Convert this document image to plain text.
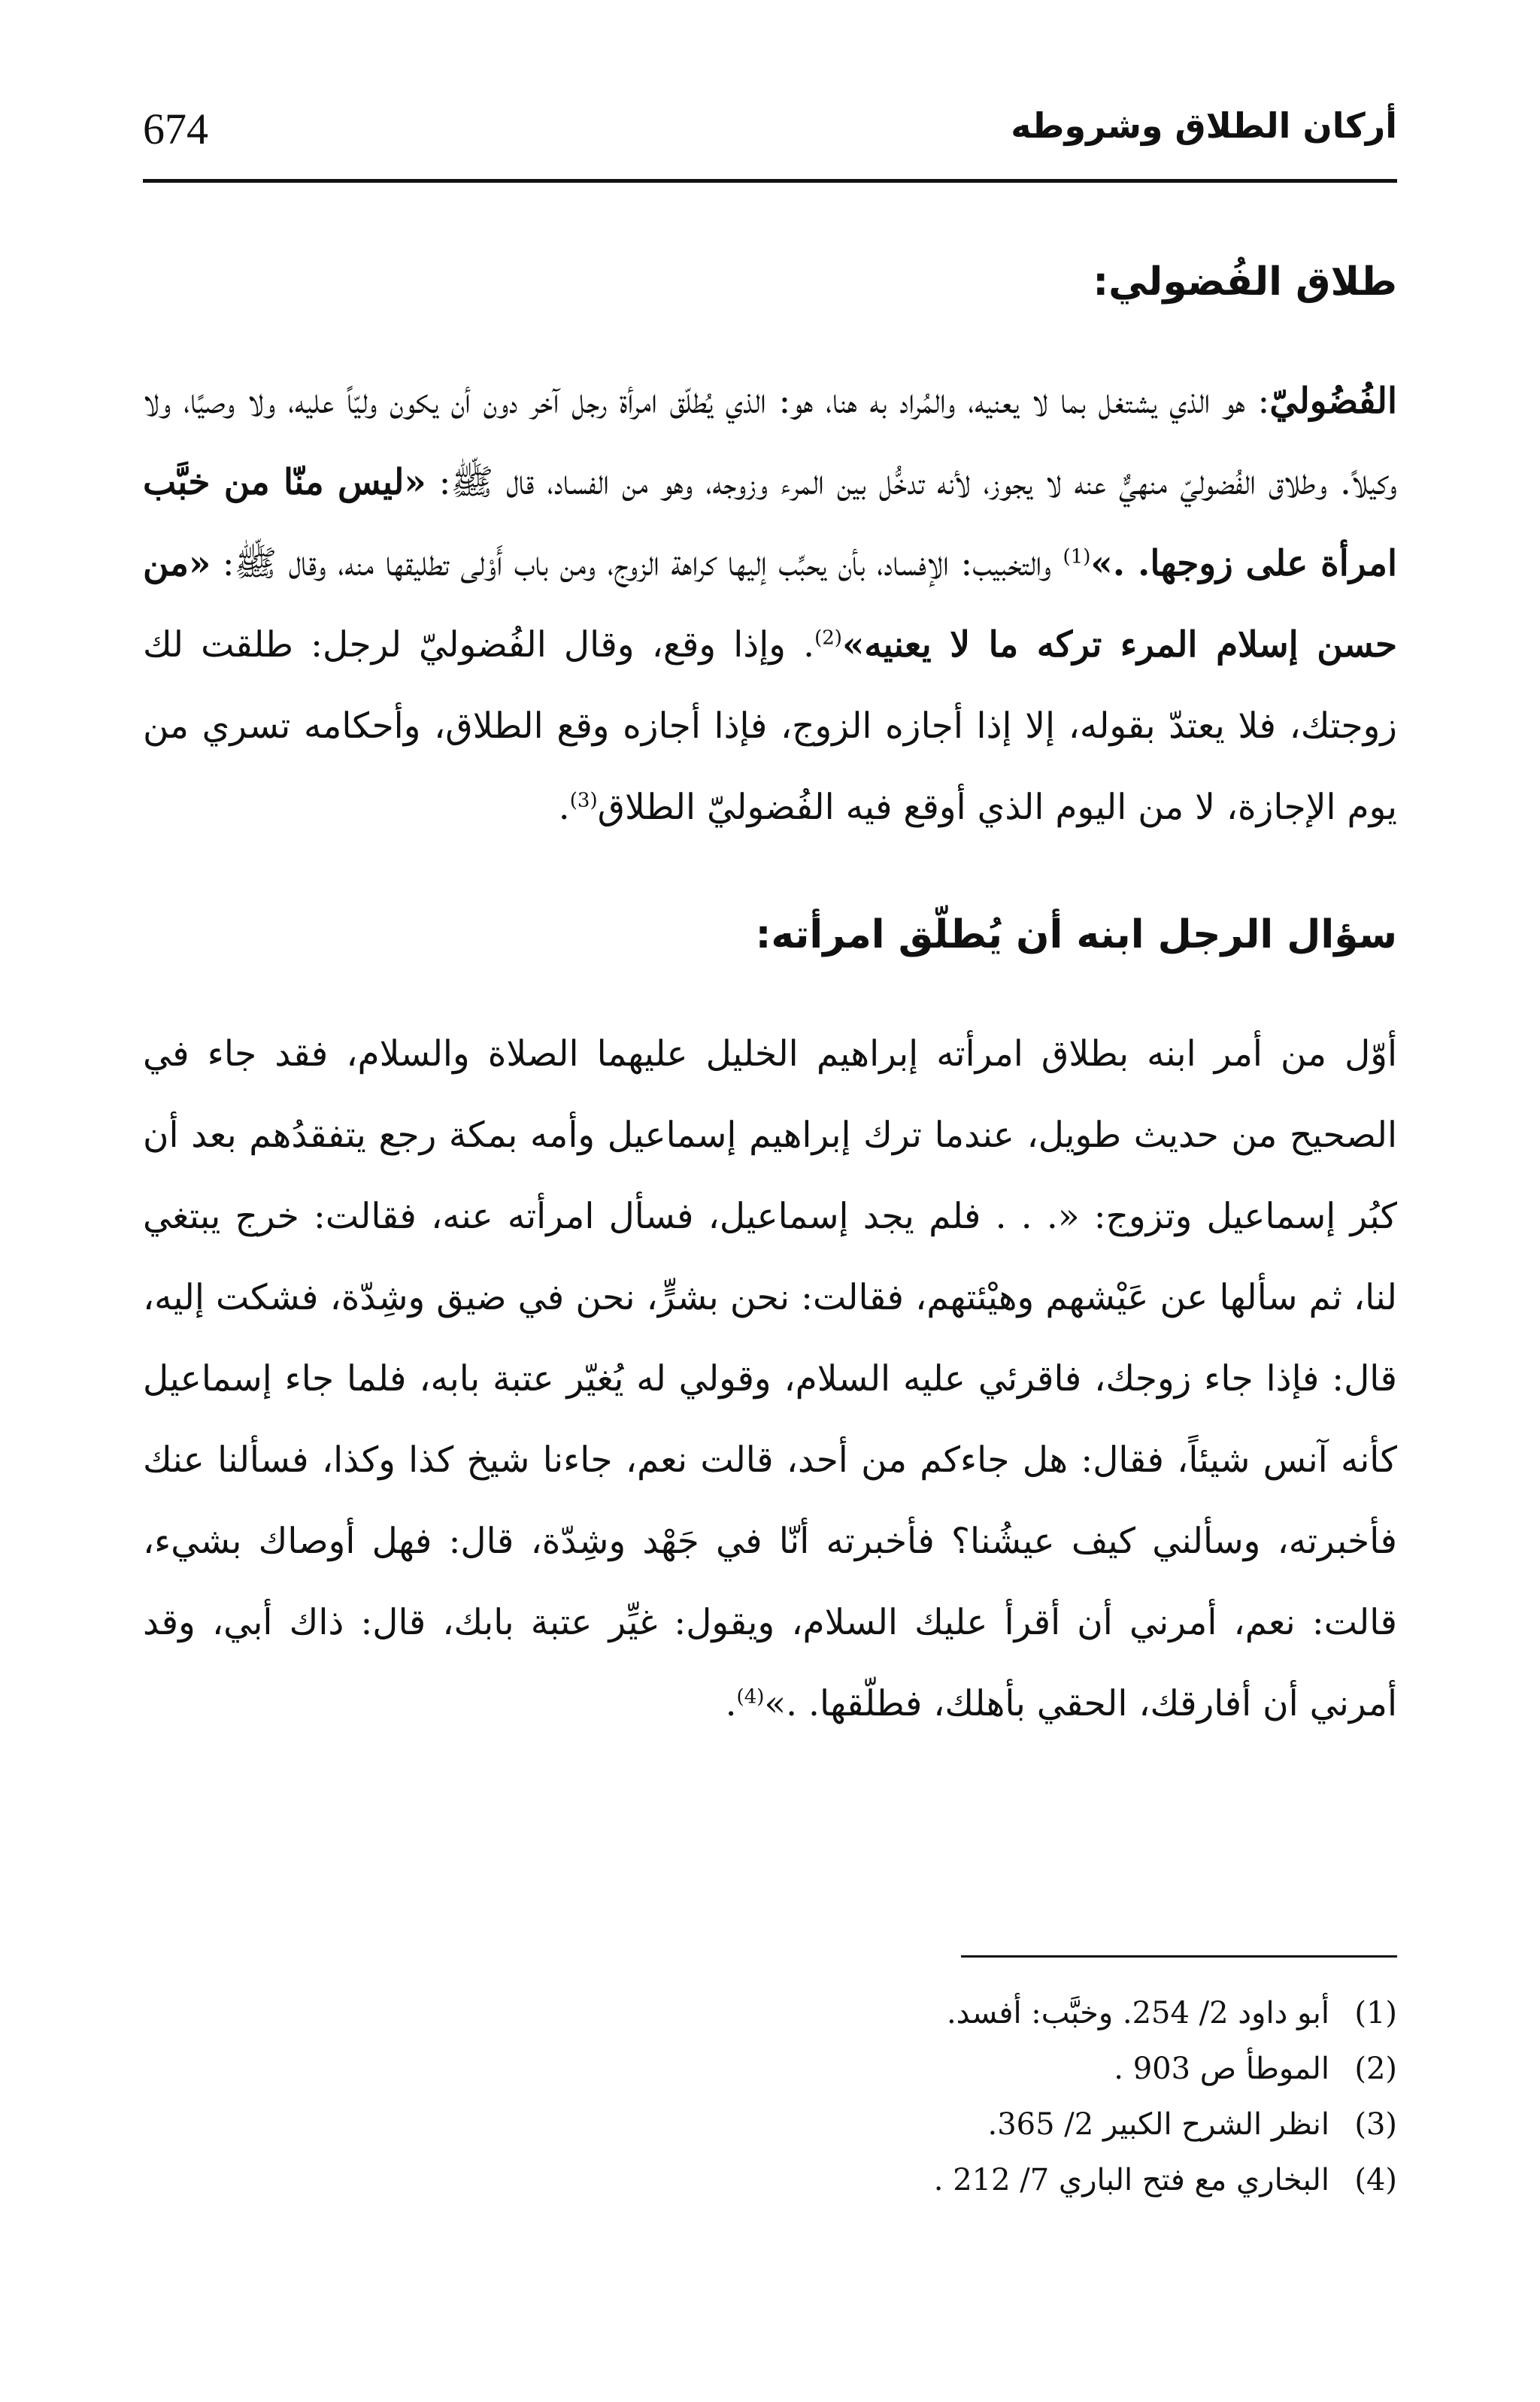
أركان الطلاق وشروطه
674
طلاق الفُضولي:

الفُضُوليّ: هو الذي يشتغل بما لا يعنيه، والمُراد به هنا، هو: الذي يُطلّق امرأة رجل آخر دون أن يكون وليّاً عليه، ولا وصيًا، ولا وكيلاً. وطلاق الفُضوليّ منهيٌّ عنه لا يجوز، لأنه تدخُّل بين المرء وزوجه، وهو من الفساد، قال ﷺ: «ليس منّا من خبَّب امرأة على زوجها. .»$^{(1)}$ والتخبيب: الإفساد، بأن يحبِّب إليها كراهة الزوج، ومن باب أَوْلى تطليقها منه، وقال ﷺ: «من حسن إسلام المرء تركه ما لا يعنيه»$^{(2)}$. وإذا وقع، وقال الفُضوليّ لرجل: طلقت لك زوجتك، فلا يعتدّ بقوله، إلا إذا أجازه الزوج، فإذا أجازه وقع الطلاق، وأحكامه تسري من يوم الإجازة، لا من اليوم الذي أوقع فيه الفُضوليّ الطلاق$^{(3)}$.

سؤال الرجل ابنه أن يُطلّق امرأته:

أوّل من أمر ابنه بطلاق امرأته إبراهيم الخليل عليهما الصلاة والسلام، فقد جاء في الصحيح من حديث طويل، عندما ترك إبراهيم إسماعيل وأمه بمكة رجع يتفقدُهم بعد أن كبُر إسماعيل وتزوج: «. . . فلم يجد إسماعيل، فسأل امرأته عنه، فقالت: خرج يبتغي لنا، ثم سألها عن عَيْشهم وهيْئتهم، فقالت: نحن بشرٍّ، نحن في ضيق وشِدّة، فشكت إليه، قال: فإذا جاء زوجك، فاقرئي عليه السلام، وقولي له يُغيّر عتبة بابه، فلما جاء إسماعيل كأنه آنس شيئاً، فقال: هل جاءكم من أحد، قالت نعم، جاءنا شيخ كذا وكذا، فسألنا عنك فأخبرته، وسألني كيف عيشُنا؟ فأخبرته أنّا في جَهْد وشِدّة، قال: فهل أوصاك بشيء، قالت: نعم، أمرني أن أقرأ عليك السلام، ويقول: غيِّر عتبة بابك، قال: ذاك أبي، وقد أمرني أن أفارقك، الحقي بأهلك، فطلّقها. .»$^{(4)}$.

(1)أبو داود 2/ 254. وخبَّب: أفسد.
(2)الموطأ ص 903 .
(3)انظر الشرح الكبير 2/ 365.
(4)البخاري مع فتح الباري 7/ 212 .
